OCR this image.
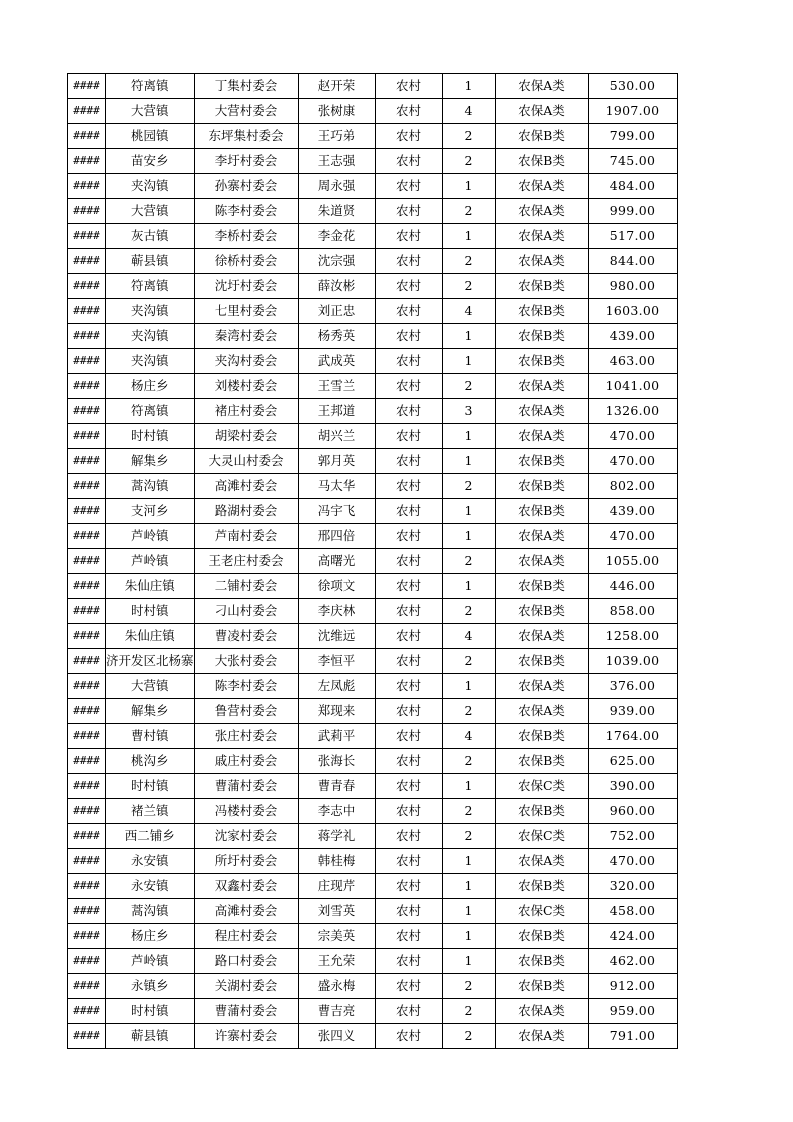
####	符离镇	丁集村委会	赵开荣	农村	1	农保A类	530.00
####	大营镇	大营村委会	张树康	农村	4	农保A类	1907.00
####	桃园镇	东坪集村委会	王巧弟	农村	2	农保B类	799.00
####	苗安乡	李圩村委会	王志强	农村	2	农保B类	745.00
####	夹沟镇	孙寨村委会	周永强	农村	1	农保A类	484.00
####	大营镇	陈李村委会	朱道贤	农村	2	农保A类	999.00
####	灰古镇	李桥村委会	李金花	农村	1	农保A类	517.00
####	蕲县镇	徐桥村委会	沈宗强	农村	2	农保A类	844.00
####	符离镇	沈圩村委会	薛汝彬	农村	2	农保B类	980.00
####	夹沟镇	七里村委会	刘正忠	农村	4	农保B类	1603.00
####	夹沟镇	秦湾村委会	杨秀英	农村	1	农保B类	439.00
####	夹沟镇	夹沟村委会	武成英	农村	1	农保B类	463.00
####	杨庄乡	刘楼村委会	王雪兰	农村	2	农保A类	1041.00
####	符离镇	褚庄村委会	王邦道	农村	3	农保A类	1326.00
####	时村镇	胡梁村委会	胡兴兰	农村	1	农保A类	470.00
####	解集乡	大灵山村委会	郭月英	农村	1	农保B类	470.00
####	蒿沟镇	高滩村委会	马太华	农村	2	农保B类	802.00
####	支河乡	路湖村委会	冯宇飞	农村	1	农保B类	439.00
####	芦岭镇	芦南村委会	邢四倍	农村	1	农保A类	470.00
####	芦岭镇	王老庄村委会	高曙光	农村	2	农保A类	1055.00
####	朱仙庄镇	二铺村委会	徐项文	农村	1	农保B类	446.00
####	时村镇	刁山村委会	李庆林	农村	2	农保B类	858.00
####	朱仙庄镇	曹凌村委会	沈维远	农村	4	农保A类	1258.00
####	济开发区北杨寨	大张村委会	李恒平	农村	2	农保B类	1039.00
####	大营镇	陈李村委会	左凤彪	农村	1	农保A类	376.00
####	解集乡	鲁营村委会	郑现来	农村	2	农保A类	939.00
####	曹村镇	张庄村委会	武莉平	农村	4	农保B类	1764.00
####	桃沟乡	戚庄村委会	张海长	农村	2	农保B类	625.00
####	时村镇	曹蒲村委会	曹青春	农村	1	农保C类	390.00
####	褚兰镇	冯楼村委会	李志中	农村	2	农保B类	960.00
####	西二铺乡	沈家村委会	蒋学礼	农村	2	农保C类	752.00
####	永安镇	所圩村委会	韩桂梅	农村	1	农保A类	470.00
####	永安镇	双鑫村委会	庄现芹	农村	1	农保B类	320.00
####	蒿沟镇	高滩村委会	刘雪英	农村	1	农保C类	458.00
####	杨庄乡	程庄村委会	宗美英	农村	1	农保B类	424.00
####	芦岭镇	路口村委会	王允荣	农村	1	农保B类	462.00
####	永镇乡	关湖村委会	盛永梅	农村	2	农保B类	912.00
####	时村镇	曹蒲村委会	曹吉亮	农村	2	农保A类	959.00
####	蕲县镇	许寨村委会	张四义	农村	2	农保A类	791.00
